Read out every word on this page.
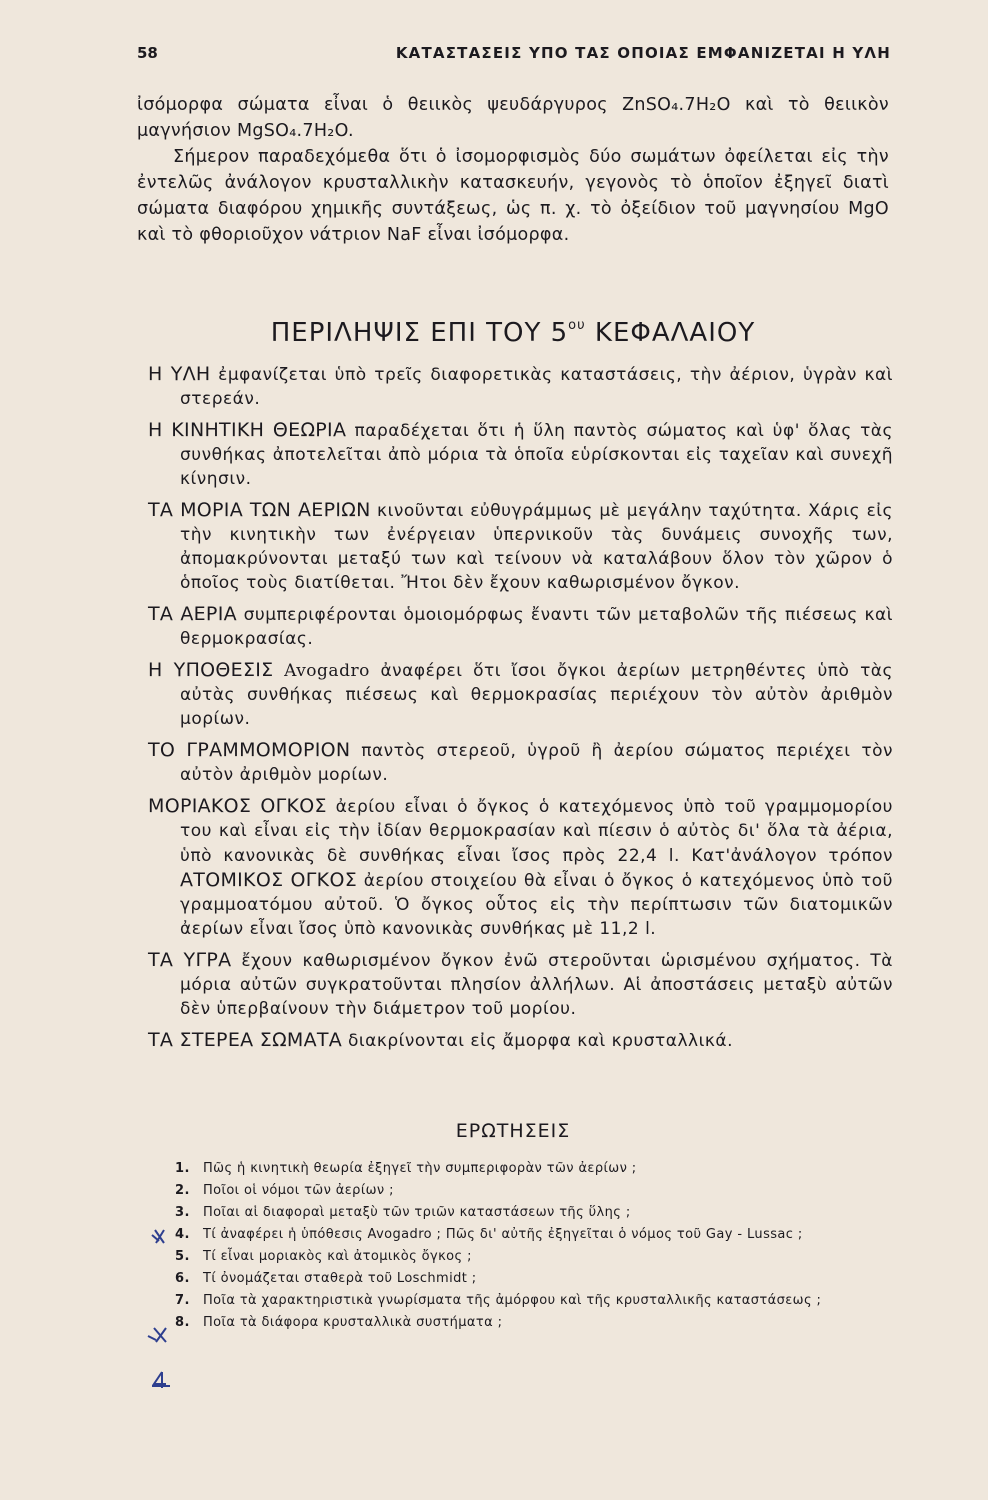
58	ΚΑΤΑΣΤΑΣΕΙΣ ΥΠΟ ΤΑΣ ΟΠΟΙΑΣ ΕΜΦΑΝΙΖΕΤΑΙ Η ΥΛΗ

ἰσόμορφα σώματα εἶναι ὁ θειικὸς ψευδάργυρος ZnSO₄.7H₂O καὶ τὸ θειικὸν μαγνήσιον MgSO₄.7H₂O.

Σήμερον παραδεχόμεθα ὅτι ὁ ἰσομορφισμὸς δύο σωμάτων ὀφείλεται εἰς τὴν ἐντελῶς ἀνάλογον κρυσταλλικὴν κατασκευήν, γεγονὸς τὸ ὁποῖον ἐξηγεῖ διατὶ σώματα διαφόρου χημικῆς συντάξεως, ὡς π. χ. τὸ ὀξείδιον τοῦ μαγνησίου MgO καὶ τὸ φθοριοῦχον νάτριον NaF εἶναι ἰσόμορφα.

ΠΕΡΙΛΗΨΙΣ ΕΠΙ ΤΟΥ $5^{o\upsilon}$ ΚΕΦΑΛΑΙΟΥ

Η ΥΛΗ ἐμφανίζεται ὑπὸ τρεῖς διαφορετικὰς καταστάσεις, τὴν ἀέριον, ὑγρὰν καὶ στερεάν.

Η ΚΙΝΗΤΙΚΗ ΘΕΩΡΙΑ παραδέχεται ὅτι ἡ ὕλη παντὸς σώματος καὶ ὑφ' ὅλας τὰς συνθήκας ἀποτελεῖται ἀπὸ μόρια τὰ ὁποῖα εὑρίσκονται εἰς ταχεῖαν καὶ συνεχῆ κίνησιν.

ΤΑ ΜΟΡΙΑ ΤΩΝ ΑΕΡΙΩΝ κινοῦνται εὐθυγράμμως μὲ μεγάλην ταχύτητα. Χάρις εἰς τὴν κινητικὴν των ἐνέργειαν ὑπερνικοῦν τὰς δυνάμεις συνοχῆς των, ἀπομακρύνονται μεταξύ των καὶ τείνουν νὰ καταλάβουν ὅλον τὸν χῶρον ὁ ὁποῖος τοὺς διατίθεται. Ἤτοι δὲν ἔχουν καθωρισμένον ὄγκον.

ΤΑ ΑΕΡΙΑ συμπεριφέρονται ὁμοιομόρφως ἔναντι τῶν μεταβολῶν τῆς πιέσεως καὶ θερμοκρασίας.

Η ΥΠΟΘΕΣΙΣ Avogadro ἀναφέρει ὅτι ἴσοι ὄγκοι ἀερίων μετρηθέντες ὑπὸ τὰς αὐτὰς συνθήκας πιέσεως καὶ θερμοκρασίας περιέχουν τὸν αὐτὸν ἀριθμὸν μορίων.

ΤΟ ΓΡΑΜΜΟΜΟΡΙΟΝ παντὸς στερεοῦ, ὑγροῦ ἢ ἀερίου σώματος περιέχει τὸν αὐτὸν ἀριθμὸν μορίων.

ΜΟΡΙΑΚΟΣ ΟΓΚΟΣ ἀερίου εἶναι ὁ ὄγκος ὁ κατεχόμενος ὑπὸ τοῦ γραμμομορίου του καὶ εἶναι εἰς τὴν ἰδίαν θερμοκρασίαν καὶ πίεσιν ὁ αὐτὸς δι' ὅλα τὰ ἀέρια, ὑπὸ κανονικὰς δὲ συνθήκας εἶναι ἴσος πρὸς 22,4 l. Κατ'ἀνάλογον τρόπον ΑΤΟΜΙΚΟΣ ΟΓΚΟΣ ἀερίου στοιχείου θὰ εἶναι ὁ ὄγκος ὁ κατεχόμενος ὑπὸ τοῦ γραμμοατόμου αὐτοῦ. Ὁ ὄγκος οὗτος εἰς τὴν περίπτωσιν τῶν διατομικῶν ἀερίων εἶναι ἴσος ὑπὸ κανονικὰς συνθήκας μὲ 11,2 l.

ΤΑ ΥΓΡΑ ἔχουν καθωρισμένον ὄγκον ἐνῶ στεροῦνται ὡρισμένου σχήματος. Τὰ μόρια αὐτῶν συγκρατοῦνται πλησίον ἀλλήλων. Αἱ ἀποστάσεις μεταξὺ αὐτῶν δὲν ὑπερβαίνουν τὴν διάμετρον τοῦ μορίου.

ΤΑ ΣΤΕΡΕΑ ΣΩΜΑΤΑ διακρίνονται εἰς ἄμορφα καὶ κρυσταλλικά.

ΕΡΩΤΗΣΕΙΣ
1. Πῶς ἡ κινητικὴ θεωρία ἐξηγεῖ τὴν συμπεριφορὰν τῶν ἀερίων ;
2. Ποῖοι οἱ νόμοι τῶν ἀερίων ;
3. Ποῖαι αἱ διαφοραὶ μεταξὺ τῶν τριῶν καταστάσεων τῆς ὕλης ;
4. Τί ἀναφέρει ἡ ὑπόθεσις Avogadro ; Πῶς δι' αὐτῆς ἐξηγεῖται ὁ νόμος τοῦ Gay - Lussac ;
5. Τί εἶναι μοριακὸς καὶ ἀτομικὸς ὄγκος ;
6. Τί ὀνομάζεται σταθερὰ τοῦ Loschmidt ;
7. Ποῖα τὰ χαρακτηριστικὰ γνωρίσματα τῆς ἀμόρφου καὶ τῆς κρυσταλλικῆς καταστάσεως ;
8. Ποῖα τὰ διάφορα κρυσταλλικὰ συστήματα ;
